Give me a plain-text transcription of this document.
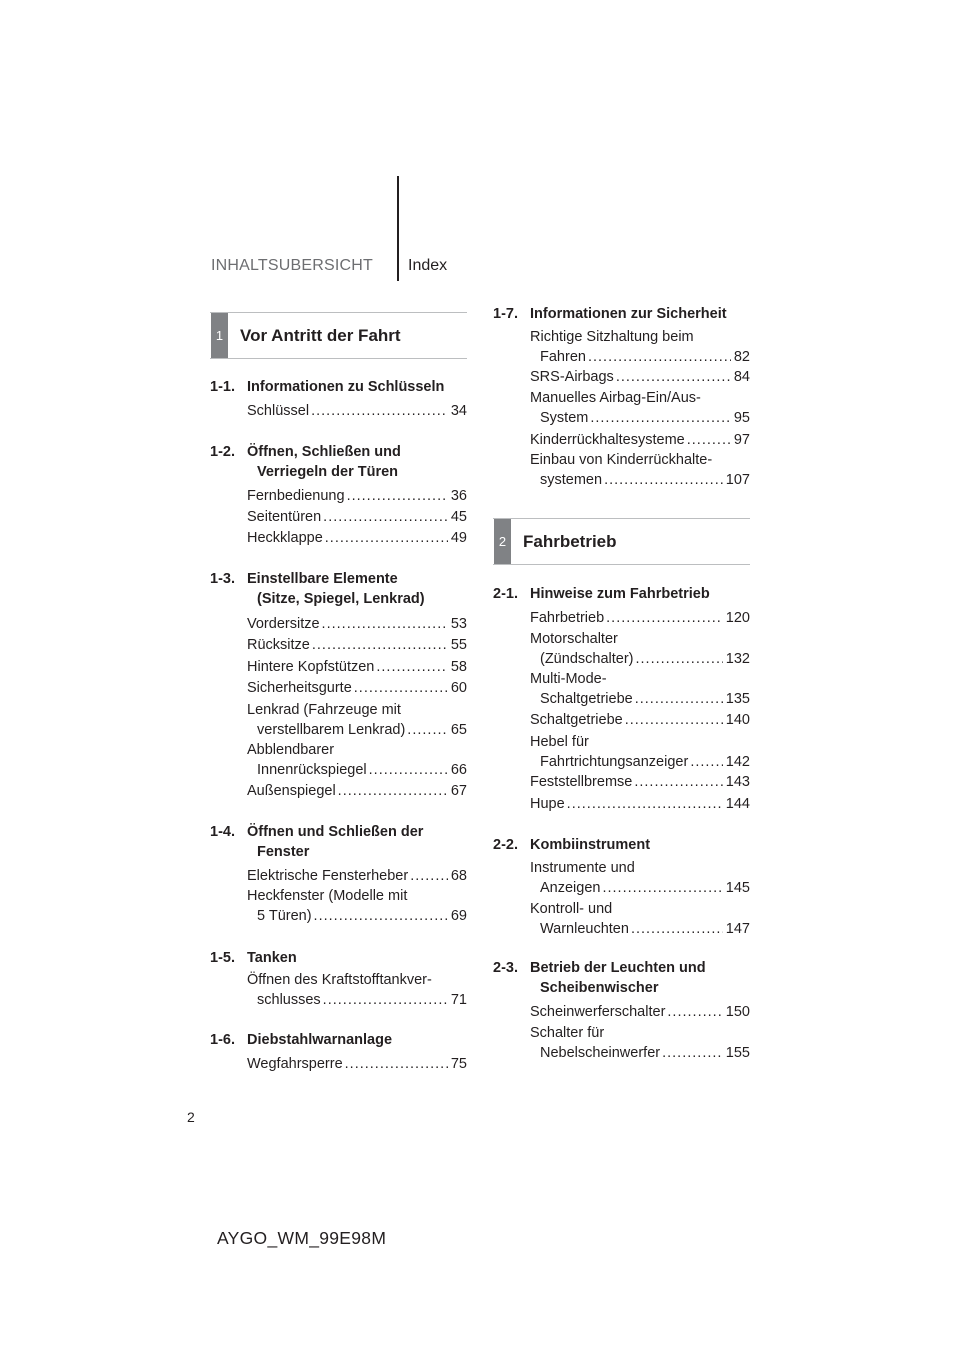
INHALTSUBERSICHT Index
1 Vor Antritt der Fahrt
1-1. Informationen zu Schlüsseln
Schlüssel .....	34
1-2. Öffnen, Schließen und
Verriegeln der Türen
Fernbedienung .....	36
Seitentüren .....	45
Heckklappe .....	49
1-3. Einstellbare Elemente
(Sitze, Spiegel, Lenkrad)
Vordersitze .....	53
Rücksitze .....	55
Hintere Kopfstützen .....	58
Sicherheitsgurte .....	60
Lenkrad (Fahrzeuge mit
verstellbarem Lenkrad) .....	65
Abblendbarer
Innenrückspiegel .....	66
Außenspiegel .....	67
1-4. Öffnen und Schließen der
Fenster
Elektrische Fensterheber .....	68
Heckfenster (Modelle mit
5 Türen) .....	69
1-5. Tanken
Öffnen des Kraftstofftankver-
schlusses .....	71
1-6. Diebstahlwarnanlage
Wegfahrsperre .....	75
1-7. Informationen zur Sicherheit
Richtige Sitzhaltung beim
Fahren .....	82
SRS-Airbags .....	84
Manuelles Airbag-Ein/Aus-
System .....	95
Kinderrückhaltesysteme .....	97
Einbau von Kinderrückhalte-
systemen .....	107
2 Fahrbetrieb
2-1. Hinweise zum Fahrbetrieb
Fahrbetrieb .....	120
Motorschalter
(Zündschalter) .....	132
Multi-Mode-
Schaltgetriebe .....	135
Schaltgetriebe .....	140
Hebel für
Fahrtrichtungsanzeiger .....	142
Feststellbremse .....	143
Hupe .....	144
2-2. Kombiinstrument
Instrumente und
Anzeigen .....	145
Kontroll- und
Warnleuchten .....	147
2-3. Betrieb der Leuchten und
Scheibenwischer
Scheinwerferschalter .....	150
Schalter für
Nebelscheinwerfer .....	155
2
AYGO_WM_99E98M
